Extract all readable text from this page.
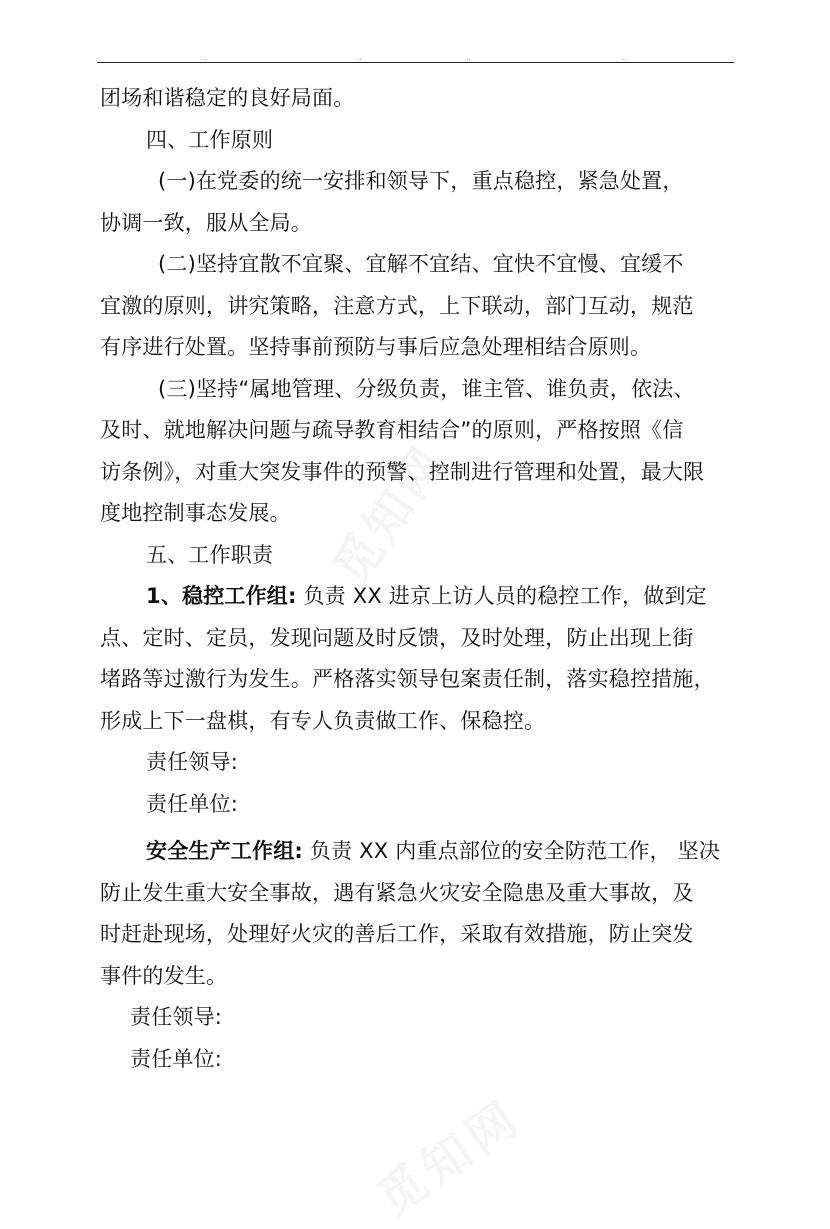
..	..	..	..

团场和谐稳定的良好局面。

四、工作原则

(一)在党委的统一安排和领导下，重点稳控，紧急处置，

协调一致，服从全局。

(二)坚持宜散不宜聚、宜解不宜结、宜快不宜慢、宜缓不

宜激的原则，讲究策略，注意方式，上下联动，部门互动，规范

有序进行处置。坚持事前预防与事后应急处理相结合原则。

(三)坚持“属地管理、分级负责，谁主管、谁负责，依法、

及时、就地解决问题与疏导教育相结合”的原则，严格按照《信

访条例》，对重大突发事件的预警、控制进行管理和处置，最大限

度地控制事态发展。

五、工作职责

1、稳控工作组: 负责 XX 进京上访人员的稳控工作，做到定

点、定时、定员，发现问题及时反馈，及时处理，防止出现上街

堵路等过激行为发生。严格落实领导包案责任制，落实稳控措施，

形成上下一盘棋，有专人负责做工作、保稳控。

责任领导:

责任单位:

安全生产工作组: 负责 XX 内重点部位的安全防范工作， 坚决

防止发生重大安全事故，遇有紧急火灾安全隐患及重大事故，及

时赶赴现场，处理好火灾的善后工作，采取有效措施，防止突发

事件的发生。

责任领导:

责任单位:
